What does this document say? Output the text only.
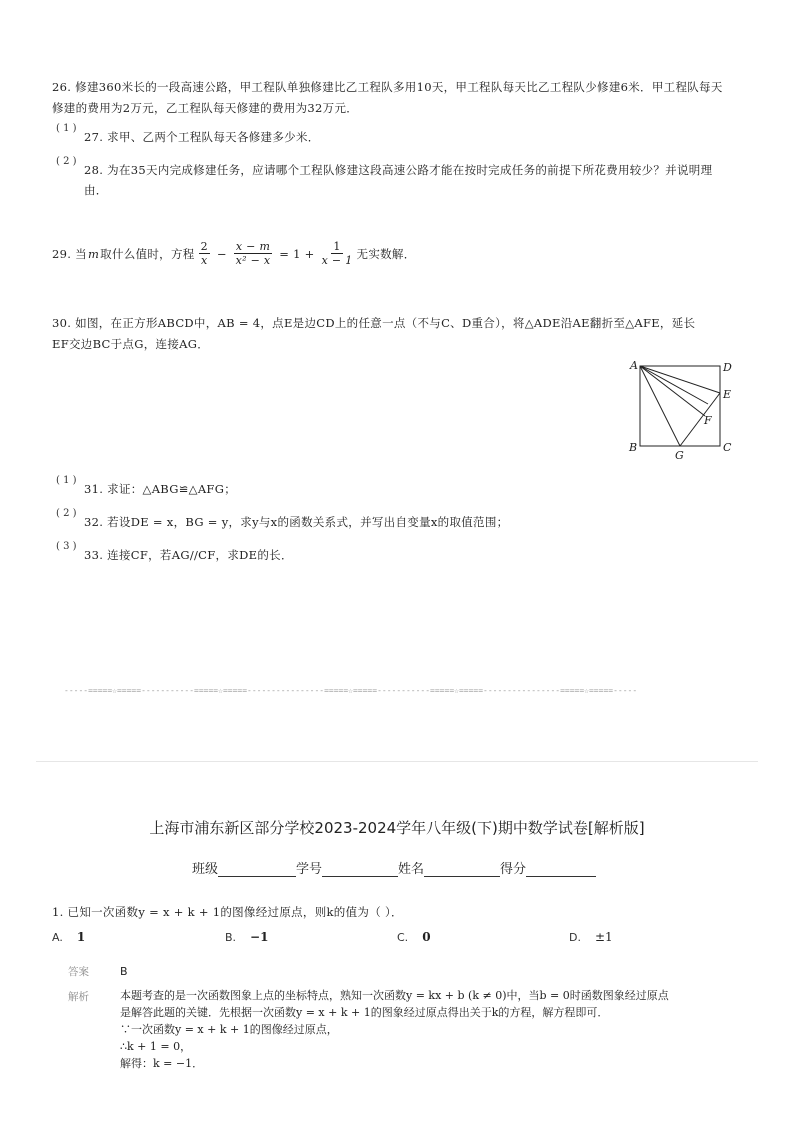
26. 修建360米长的一段高速公路，甲工程队单独修建比乙工程队多用10天，甲工程队每天比乙工程队少修建6米．甲工程队每天
修建的费用为2万元，乙工程队每天修建的费用为32万元．
( 1 )
27. 求甲、乙两个工程队每天各修建多少米．
( 2 )
28. 为在35天内完成修建任务，应请哪个工程队修建这段高速公路才能在按时完成任务的前提下所花费用较少？并说明理
由．
29. 当 m 取什么值时，方程 $\frac{2}{x} - \frac{x - m}{\text{x² − x}} = 1 + \frac{1}{x - 1}$ 无实数解．
30. 如图，在正方形ABCD中，AB = 4，点E是边CD上的任意一点（不与C、D重合），将△ADE沿AE翻折至△AFE，延长
EF交边BC于点G，连接AG．
A	D
E
F
B	C
G
( 1 )
31. 求证：△ABG≌△AFG；
( 2 )
32. 若设DE = x，BG = y，求y与x的函数关系式，并写出自变量x的取值范围；
( 3 )
33. 连接CF，若AG//CF，求DE的长．
-----=====☆=====-----------=====☆=====----------------=====☆=====-----------=====☆=====----------------=====☆=====-----
上海市浦东新区部分学校2023-2024学年八年级(下)期中数学试卷[解析版]
班级	学号	姓名	得分
1. 已知一次函数y = x + k + 1的图像经过原点，则k的值为（ ）．
A. 1	B. −1	C. 0	D. ±1
答案	B
解析	本题考查的是一次函数图象上点的坐标特点，熟知一次函数y = kx + b (k ≠ 0)中，当b = 0时函数图象经过原点
是解答此题的关键．先根据一次函数y = x + k + 1的图象经过原点得出关于k的方程，解方程即可．
∵一次函数y = x + k + 1的图像经过原点，
∴k + 1 = 0，
解得：k = −1．
